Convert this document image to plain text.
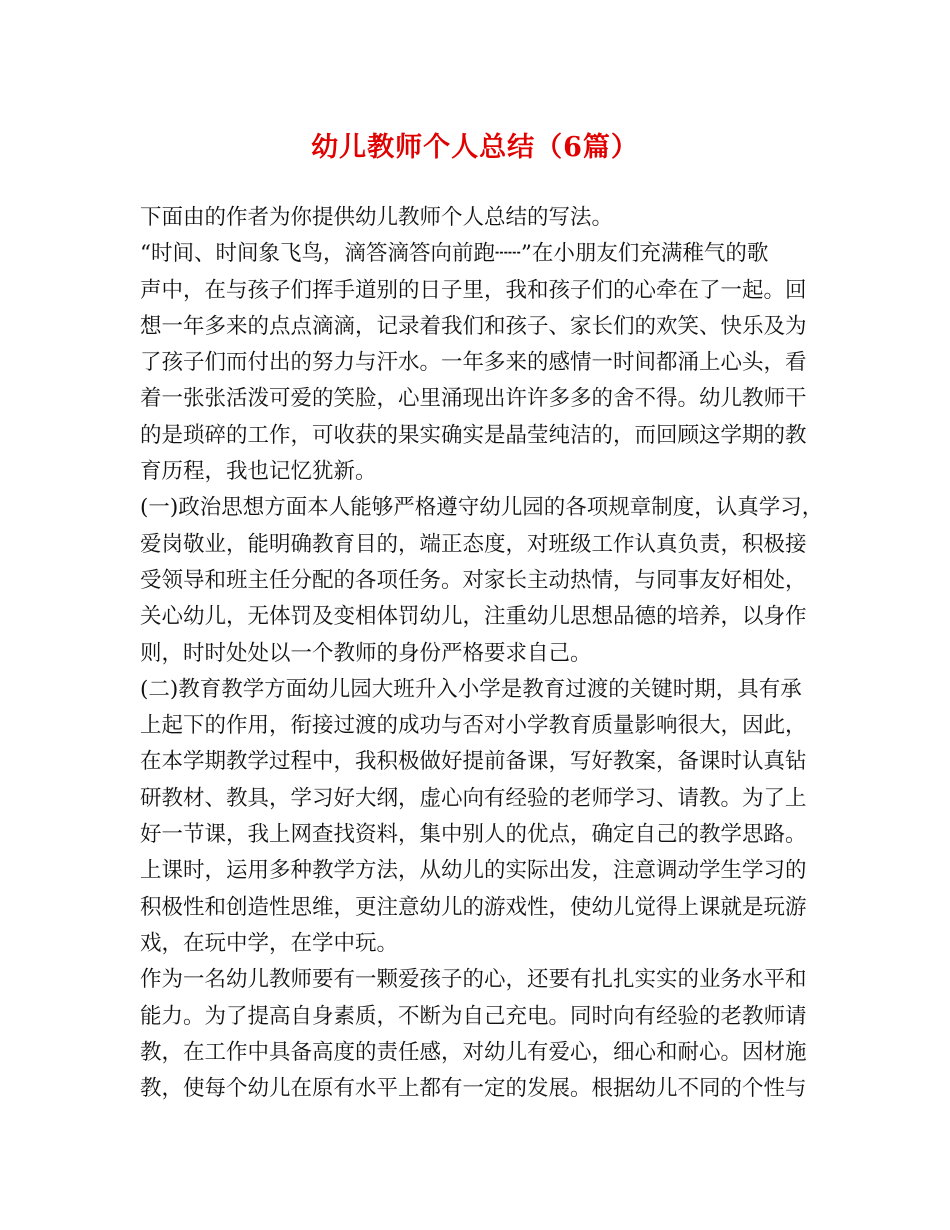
幼儿教师个人总结（6篇）
下面由的作者为你提供幼儿教师个人总结的写法。
“时间、时间象飞鸟，滴答滴答向前跑┄┄”在小朋友们充满稚气的歌
声中，在与孩子们挥手道别的日子里，我和孩子们的心牵在了一起。回
想一年多来的点点滴滴，记录着我们和孩子、家长们的欢笑、快乐及为
了孩子们而付出的努力与汗水。一年多来的感情一时间都涌上心头，看
着一张张活泼可爱的笑脸，心里涌现出许许多多的舍不得。幼儿教师干
的是琐碎的工作，可收获的果实确实是晶莹纯洁的，而回顾这学期的教
育历程，我也记忆犹新。
(一)政治思想方面本人能够严格遵守幼儿园的各项规章制度，认真学习，
爱岗敬业，能明确教育目的，端正态度，对班级工作认真负责，积极接
受领导和班主任分配的各项任务。对家长主动热情，与同事友好相处，
关心幼儿，无体罚及变相体罚幼儿，注重幼儿思想品德的培养，以身作
则，时时处处以一个教师的身份严格要求自己。
(二)教育教学方面幼儿园大班升入小学是教育过渡的关键时期，具有承
上起下的作用，衔接过渡的成功与否对小学教育质量影响很大，因此，
在本学期教学过程中，我积极做好提前备课，写好教案，备课时认真钻
研教材、教具，学习好大纲，虚心向有经验的老师学习、请教。为了上
好一节课，我上网查找资料，集中别人的优点，确定自己的教学思路。
上课时，运用多种教学方法，从幼儿的实际出发，注意调动学生学习的
积极性和创造性思维，更注意幼儿的游戏性，使幼儿觉得上课就是玩游
戏，在玩中学，在学中玩。
作为一名幼儿教师要有一颗爱孩子的心，还要有扎扎实实的业务水平和
能力。为了提高自身素质，不断为自己充电。同时向有经验的老教师请
教，在工作中具备高度的责任感，对幼儿有爱心，细心和耐心。因材施
教，使每个幼儿在原有水平上都有一定的发展。根据幼儿不同的个性与
